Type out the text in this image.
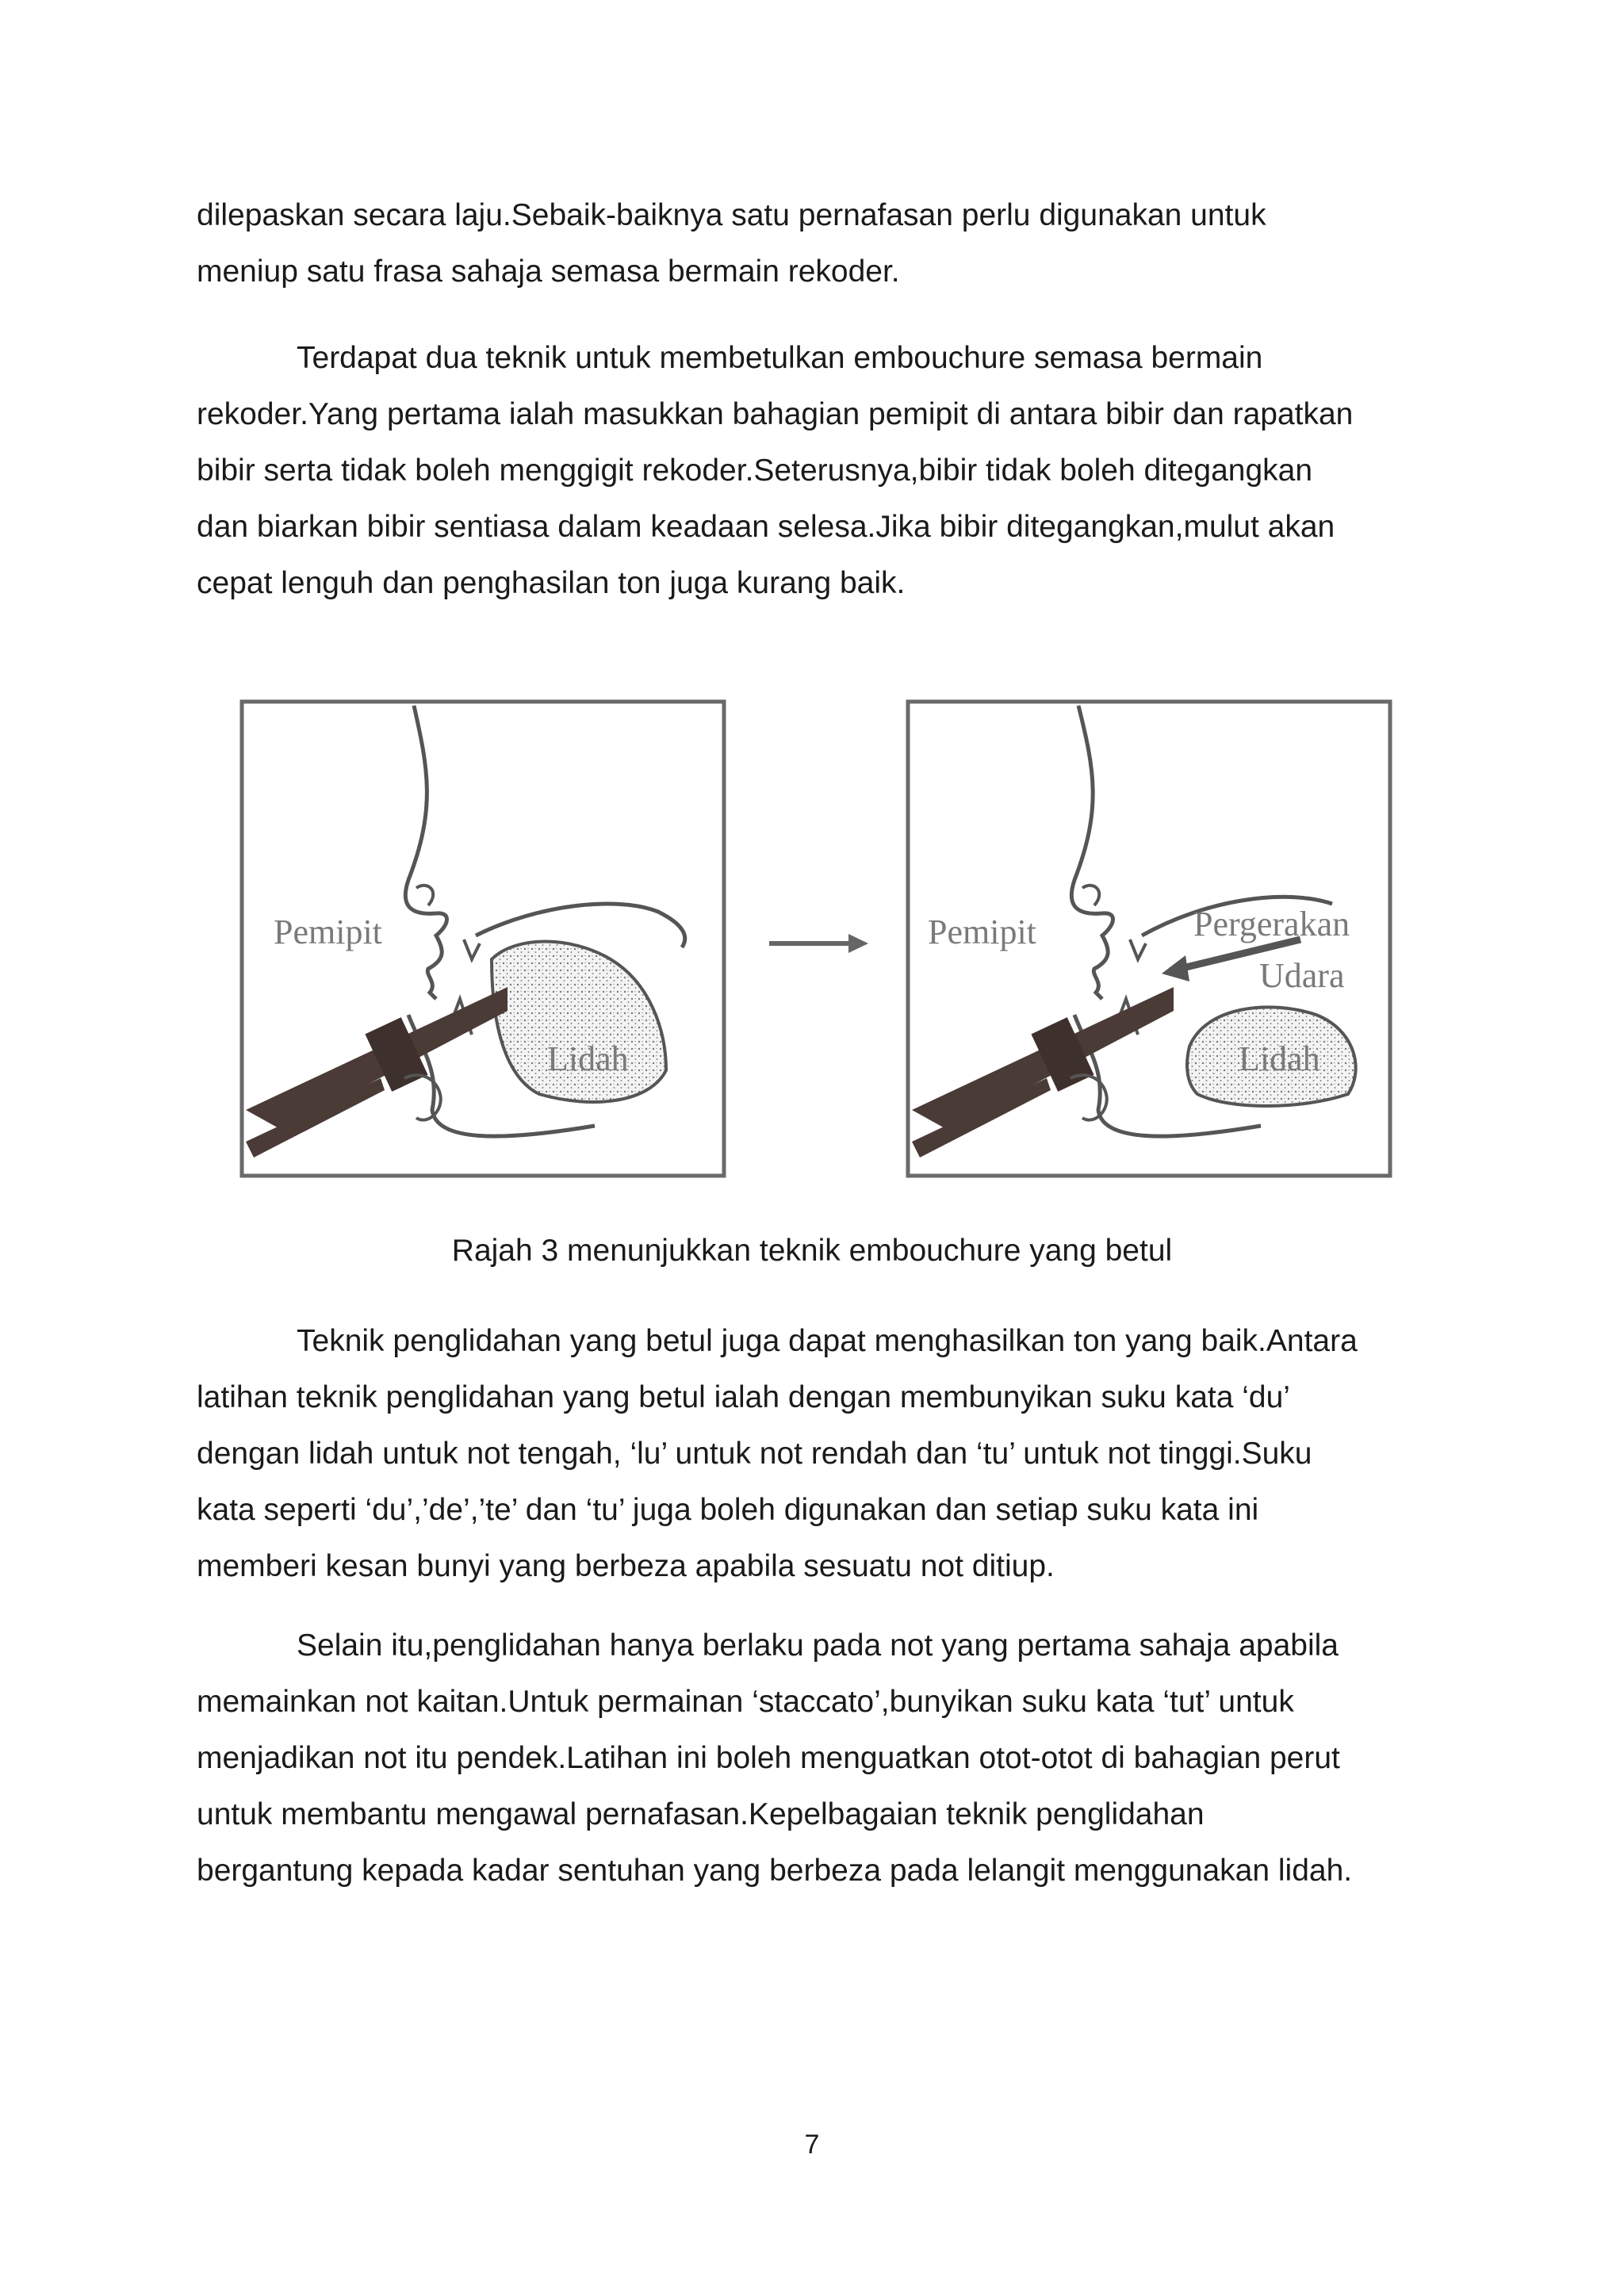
dilepaskan secara laju.Sebaik-baiknya satu pernafasan perlu digunakan untuk
meniup satu frasa sahaja semasa bermain rekoder.

Terdapat dua teknik untuk membetulkan embouchure semasa bermain
rekoder.Yang pertama ialah masukkan bahagian pemipit di antara bibir dan rapatkan
bibir serta tidak boleh menggigit rekoder.Seterusnya,bibir tidak boleh ditegangkan
dan biarkan bibir sentiasa dalam keadaan selesa.Jika bibir ditegangkan,mulut akan
cepat lenguh dan penghasilan ton juga kurang baik.

Pemipit
Lidah
Pemipit	Pergerakan
Udara
Lidah
Rajah 3 menunjukkan teknik embouchure yang betul

Teknik penglidahan yang betul juga dapat menghasilkan ton yang baik.Antara
latihan teknik penglidahan yang betul ialah dengan membunyikan suku kata ‘du’
dengan lidah untuk not tengah, ‘lu’ untuk not rendah dan ‘tu’ untuk not tinggi.Suku
kata seperti ‘du’,’de’,’te’ dan ‘tu’ juga boleh digunakan dan setiap suku kata ini
memberi kesan bunyi yang berbeza apabila sesuatu not ditiup.

Selain itu,penglidahan hanya berlaku pada not yang pertama sahaja apabila
memainkan not kaitan.Untuk permainan ‘staccato’,bunyikan suku kata ‘tut’ untuk
menjadikan not itu pendek.Latihan ini boleh menguatkan otot-otot di bahagian perut
untuk membantu mengawal pernafasan.Kepelbagaian teknik penglidahan
bergantung kepada kadar sentuhan yang berbeza pada lelangit menggunakan lidah.

7
